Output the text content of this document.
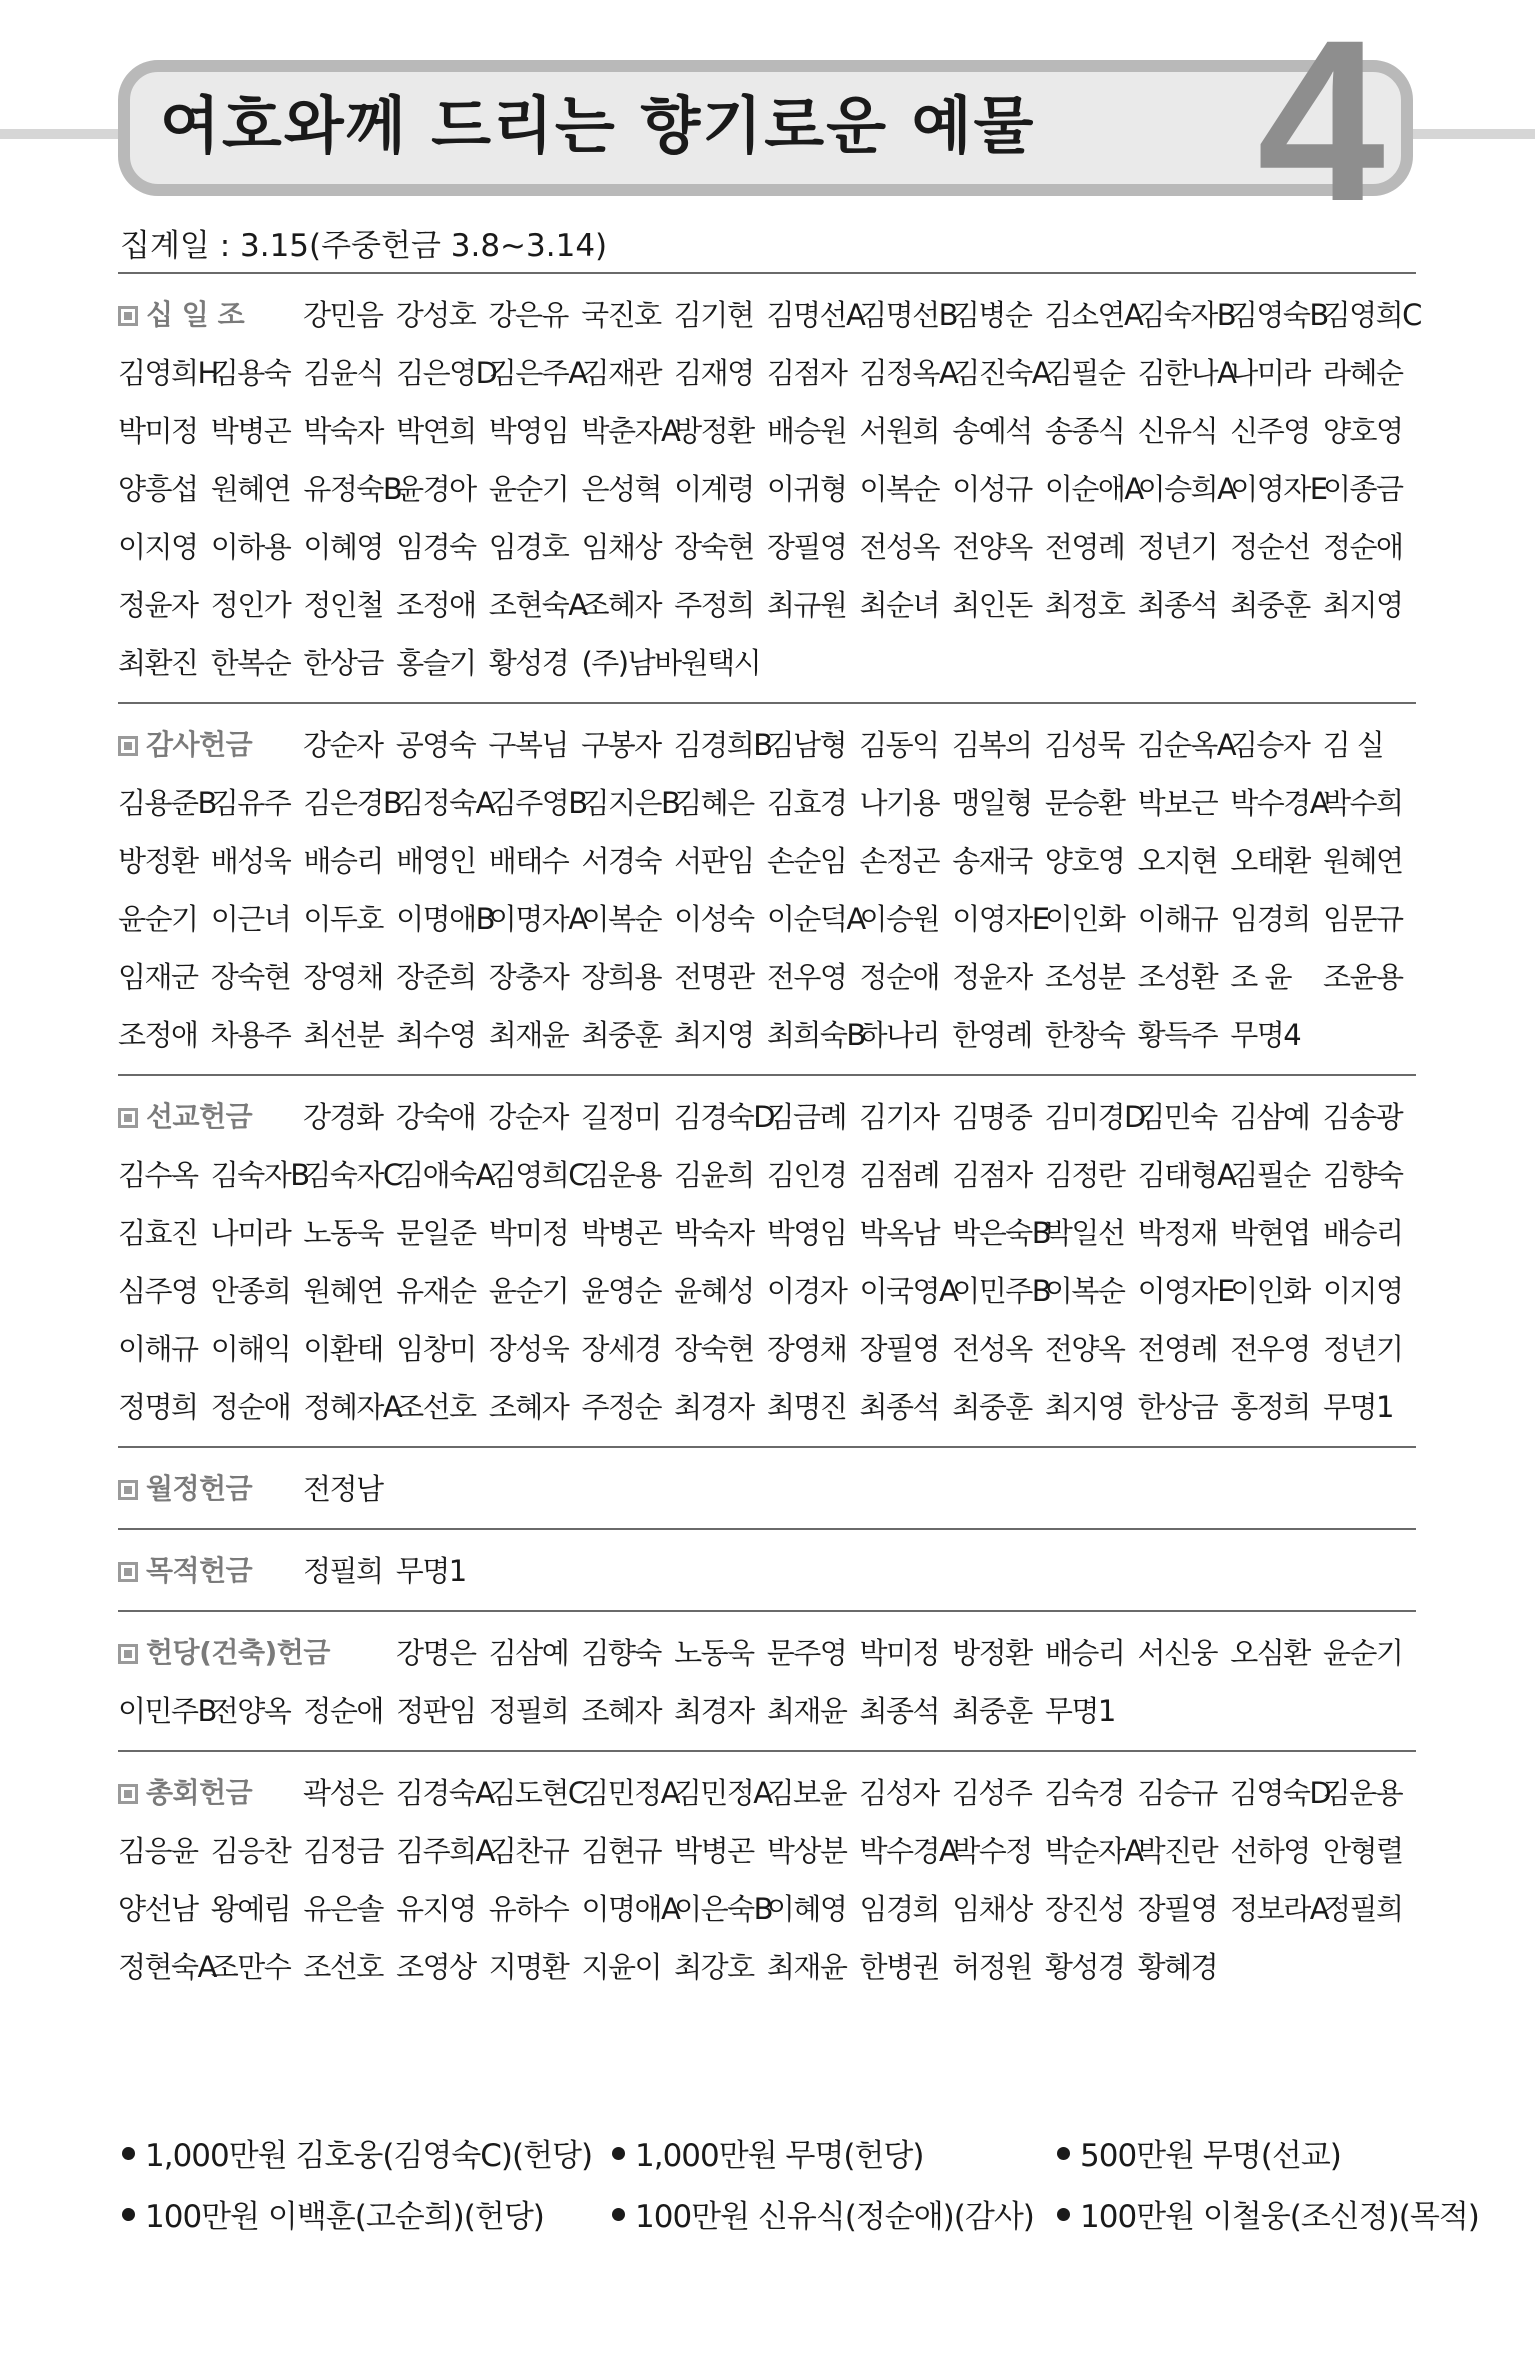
여호와께 드리는 향기로운 예물 4
집계일 : 3.15(주중헌금 3.8~3.14)
십 일 조	강민음 강성호 강은유 국진호 김기현 김명선A
김명선B
김병순 김소연A
김숙자B
김영숙B
김영희C
김영희H
김용숙 김윤식 김은영D
김은주A
김재관 김재영 김점자 김정옥A
김진숙A
김필순 김한나A
나미라 라혜순
박미정 박병곤 박숙자 박연희 박영임 박춘자A
방정환 배승원 서원희 송예석 송종식 신유식 신주영 양호영
양흥섭 원혜연 유정숙B
윤경아 윤순기 은성혁 이계령 이귀형 이복순 이성규 이순애A
이승희A
이영자E
이종금
이지영 이하용 이혜영 임경숙 임경호 임채상 장숙현 장필영 전성옥 전양옥 전영례 정년기 정순선 정순애
정윤자 정인가 정인철 조정애 조현숙A
조혜자 주정희 최규원 최순녀 최인돈 최정호 최종석 최중훈 최지영
최환진 한복순 한상금 홍슬기 황성경 (주)남바원택시
감사헌금	강순자 공영숙 구복님 구봉자 김경희B
김남형 김동익 김복의 김성묵 김순옥A
김승자 김 실
김용준B
김유주 김은경B
김정숙A
김주영B
김지은B
김혜은 김효경 나기용 맹일형 문승환 박보근 박수경A
박수희
방정환 배성욱 배승리 배영인 배태수 서경숙 서판임 손순임 손정곤 송재국 양호영 오지현 오태환 원혜연
윤순기 이근녀 이두호 이명애B
이명자A
이복순 이성숙 이순덕A
이승원 이영자E
이인화 이해규 임경희 임문규
임재군 장숙현 장영채 장준희 장충자 장희용 전명관 전우영 정순애 정윤자 조성분 조성환 조 윤	조윤용
조정애 차용주 최선분 최수영 최재윤 최중훈 최지영 최희숙B
하나리 한영례 한창숙 황득주 무명4
선교헌금	강경화 강숙애 강순자 길정미 김경숙D
김금례 김기자 김명중 김미경D
김민숙 김삼예 김송광
김수옥 김숙자B
김숙자C
김애숙A
김영희C
김운용 김윤희 김인경 김점례 김점자 김정란 김태형A
김필순 김향숙
김효진 나미라 노동욱 문일준 박미정 박병곤 박숙자 박영임 박옥남 박은숙B
박일선 박정재 박현엽 배승리
심주영 안종희 원혜연 유재순 윤순기 윤영순 윤혜성 이경자 이국영A
이민주B
이복순 이영자E
이인화 이지영
이해규 이해익 이환태 임창미 장성욱 장세경 장숙현 장영채 장필영 전성옥 전양옥 전영례 전우영 정년기
정명희 정순애 정혜자A
조선호 조혜자 주정순 최경자 최명진 최종석 최중훈 최지영 한상금 홍정희 무명1
월정헌금	전정남
목적헌금	정필희 무명1
헌당(건축)헌금	강명은 김삼예 김향숙 노동욱 문주영 박미정 방정환 배승리 서신웅 오심환 윤순기
이민주B
전양옥 정순애 정판임 정필희 조혜자 최경자 최재윤 최종석 최중훈 무명1
총회헌금	곽성은 김경숙A
김도현C
김민정A
김민정A
김보윤 김성자 김성주 김숙경 김승규 김영숙D
김운용
김응윤 김응찬 김정금 김주희A
김찬규 김현규 박병곤 박상분 박수경A
박수정 박순자A
박진란 선하영 안형렬
양선남 왕예림 유은솔 유지영 유하수 이명애A
이은숙B
이혜영 임경희 임채상 장진성 장필영 정보라A
정필희
정현숙A
조만수 조선호 조영상 지명환 지윤이 최강호 최재윤 한병권 허정원 황성경 황혜경
1,000만원 김호웅(김영숙C)(헌당)	1,000만원 무명(헌당)	500만원 무명(선교)
100만원 이백훈(고순희)(헌당)	100만원 신유식(정순애)(감사)	100만원 이철웅(조신정)(목적)
